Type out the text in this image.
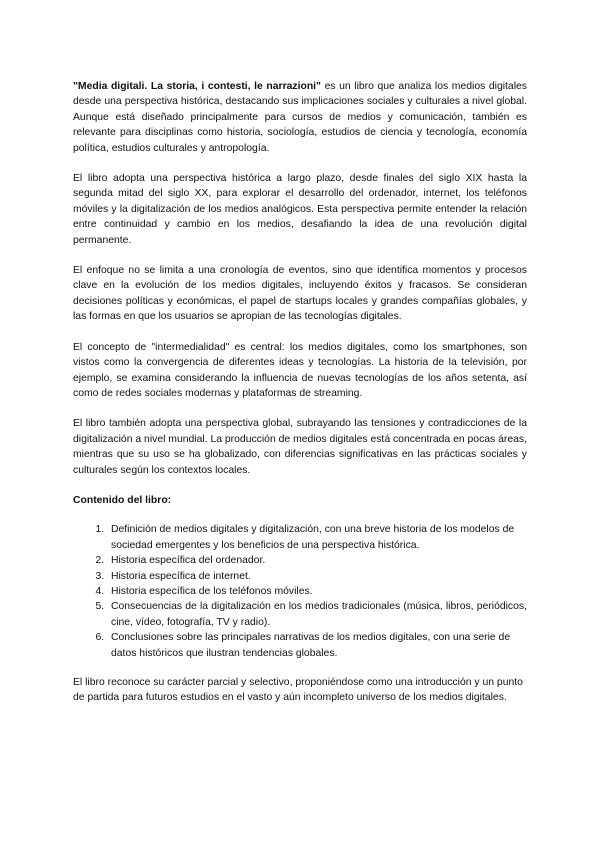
"Media digitali. La storia, i contesti, le narrazioni" es un libro que analiza los medios digitales desde una perspectiva histórica, destacando sus implicaciones sociales y culturales a nivel global. Aunque está diseñado principalmente para cursos de medios y comunicación, también es relevante para disciplinas como historia, sociología, estudios de ciencia y tecnología, economía política, estudios culturales y antropología.

El libro adopta una perspectiva histórica a largo plazo, desde finales del siglo XIX hasta la segunda mitad del siglo XX, para explorar el desarrollo del ordenador, internet, los teléfonos móviles y la digitalización de los medios analógicos. Esta perspectiva permite entender la relación entre continuidad y cambio en los medios, desafiando la idea de una revolución digital permanente.

El enfoque no se limita a una cronología de eventos, sino que identifica momentos y procesos clave en la evolución de los medios digitales, incluyendo éxitos y fracasos. Se consideran decisiones políticas y económicas, el papel de startups locales y grandes compañías globales, y las formas en que los usuarios se apropian de las tecnologías digitales.

El concepto de "intermedialidad" es central: los medios digitales, como los smartphones, son vistos como la convergencia de diferentes ideas y tecnologías. La historia de la televisión, por ejemplo, se examina considerando la influencia de nuevas tecnologías de los años setenta, así como de redes sociales modernas y plataformas de streaming.

El libro también adopta una perspectiva global, subrayando las tensiones y contradicciones de la digitalización a nivel mundial. La producción de medios digitales está concentrada en pocas áreas, mientras que su uso se ha globalizado, con diferencias significativas en las prácticas sociales y culturales según los contextos locales.

Contenido del libro:
1. Definición de medios digitales y digitalización, con una breve historia de los modelos de sociedad emergentes y los beneficios de una perspectiva histórica.
2. Historia específica del ordenador.
3. Historia específica de internet.
4. Historia específica de los teléfonos móviles.
5. Consecuencias de la digitalización en los medios tradicionales (música, libros, periódicos, cine, vídeo, fotografía, TV y radio).
6. Conclusiones sobre las principales narrativas de los medios digitales, con una serie de datos históricos que ilustran tendencias globales.

El libro reconoce su carácter parcial y selectivo, proponiéndose como una introducción y un punto de partida para futuros estudios en el vasto y aún incompleto universo de los medios digitales.
